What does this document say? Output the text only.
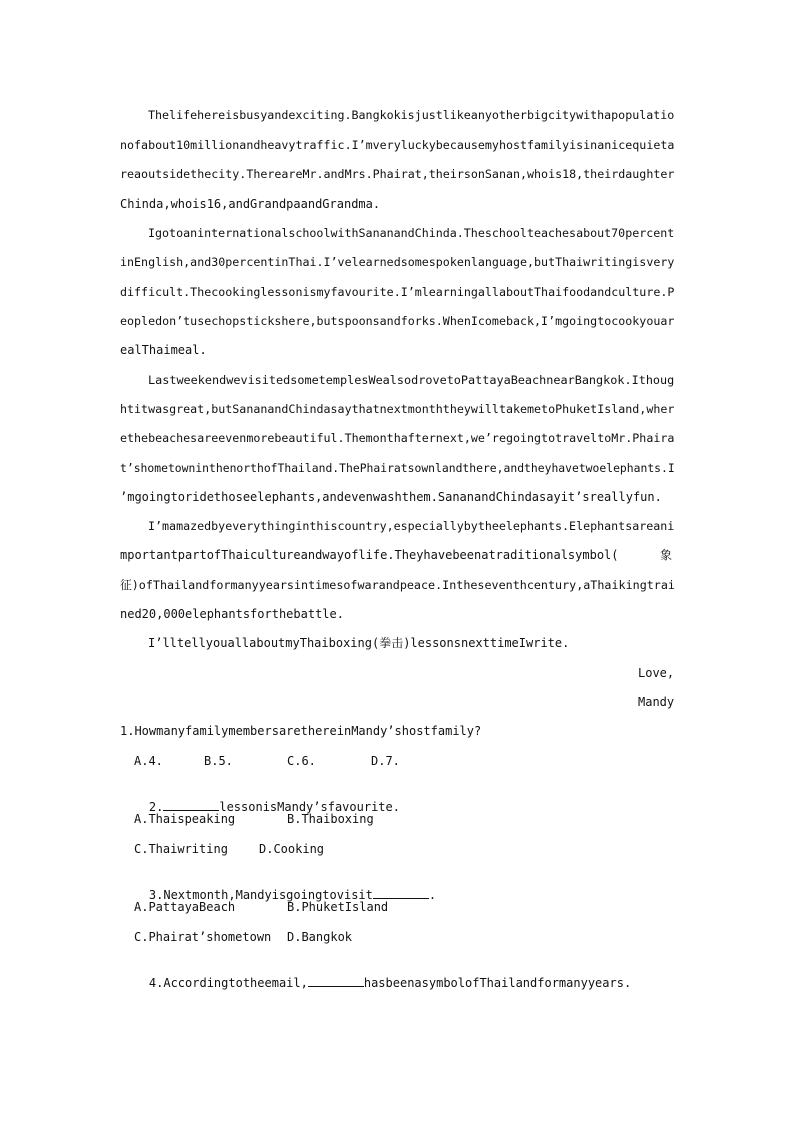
Thelifehereisbusyandexciting.Bangkokisjustlikeanyotherbigcitywithapopulatio
nofabout10millionandheavytraffic.I’mveryluckybecausemyhostfamilyisinanicequieta
reaoutsidethecity.ThereareMr.andMrs.Phairat,theirsonSanan,whois18,theirdaughter
Chinda,whois16,andGrandpaandGrandma.
IgotoaninternationalschoolwithSananandChinda.Theschoolteachesabout70percent
inEnglish,and30percentinThai.I’velearnedsomespokenlanguage,butThaiwritingisvery
difficult.Thecookinglessonismyfavourite.I’mlearningallaboutThaifoodandculture.P
eopledon’tusechopstickshere,butspoonsandforks.WhenIcomeback,I’mgoingtocookyouar
ealThaimeal.
LastweekendwevisitedsometemplesWealsodrovetoPattayaBeachnearBangkok.Ithoug
htitwasgreat,butSananandChindasaythatnextmonththeywilltakemetoPhuketIsland,wher
ethebeachesareevenmorebeautiful.Themonthafternext,we’regoingtotraveltoMr.Phaira
t’shometowninthenorthofThailand.ThePhairatsownlandthere,andtheyhavetwoelephants.I
’mgoingtoridethoseelephants,andevenwashthem.SananandChindasayit’sreallyfun.
I’mamazedbyeverythinginthiscountry,especiallybytheelephants.Elephantsareani
mportantpartofThaicultureandwayoflife.Theyhavebeenatraditionalsymbol(	象
征)ofThailandformanyyearsintimesofwarandpeace.Intheseventhcentury,aThaikingtrai
ned20,000elephantsforthebattle.
I’lltellyouallaboutmyThaiboxing(拳击)lessonsnexttimeIwrite.
Love,
Mandy
1.HowmanyfamilymembersarethereinMandy’shostfamily?
A.4.	B.5.	C.6.	D.7.

2.	lessonisMandy’sfavourite.

A.Thaispeaking	B.Thaiboxing
C.Thaiwriting	D.Cooking

3.Nextmonth,Mandyisgoingtovisit	.

A.PattayaBeach	B.PhuketIsland
C.Phairat’shometown D.Bangkok

4.Accordingtotheemail,	hasbeenasymbolofThailandformanyyears.
